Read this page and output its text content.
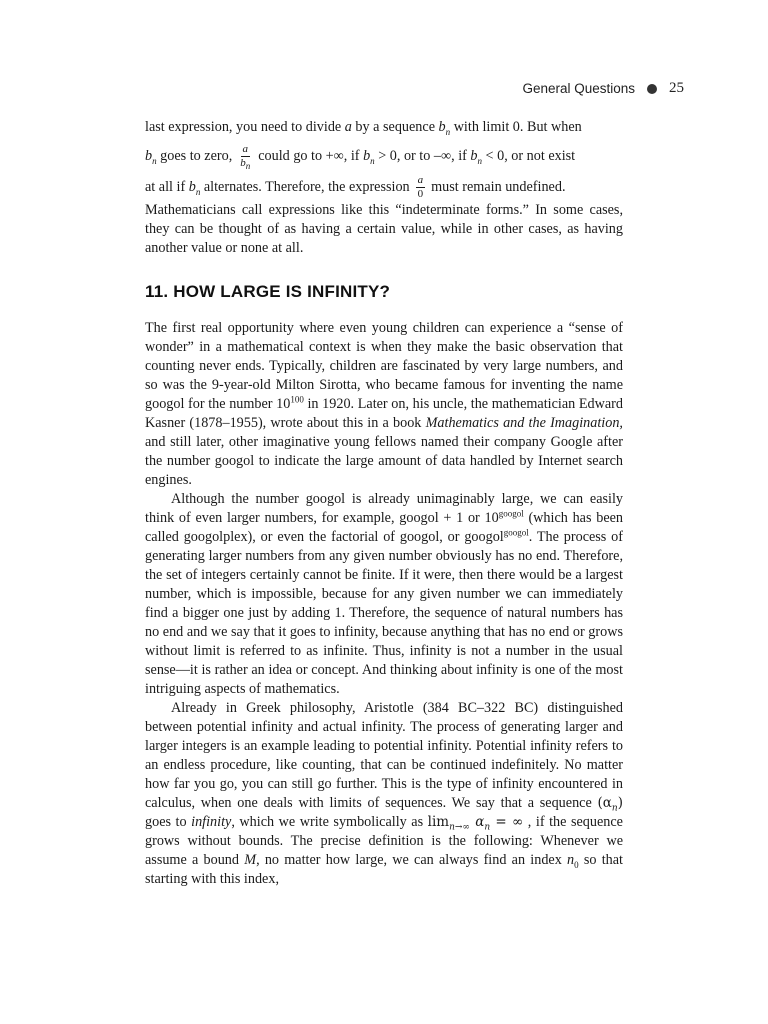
General Questions 25

last expression, you need to divide a by a sequence $b_n$ with limit 0. But when

$b_n$ goes to zero, $\frac{a}{b_n}$ could go to +∞, if $b_n > 0$, or to –∞, if $b_n < 0$, or not exist
at all if $b_n$ alternates. Therefore, the expression $\frac{a}{0}$ must remain undefined.

Mathematicians call expressions like this “indeterminate forms.” In some cases, they can be thought of as having a certain value, while in other cases, as having another value or none at all.

11. HOW LARGE IS INFINITY?

The first real opportunity where even young children can experience a “sense of wonder” in a mathematical context is when they make the basic observation that counting never ends. Typically, children are fascinated by very large numbers, and so was the 9-year-old Milton Sirotta, who became famous for inventing the name googol for the number $10^{100}$ in 1920. Later on, his uncle, the mathematician Edward Kasner (1878–1955), wrote about this in a book Mathematics and the Imagination, and still later, other imaginative young fellows named their company Google after the number googol to indicate the large amount of data handled by Internet search engines.

Although the number googol is already unimaginably large, we can easily think of even larger numbers, for example, googol + 1 or $10^{googol}$ (which has been called googolplex), or even the factorial of googol, or googol$^{googol}$. The process of generating larger numbers from any given number obviously has no end. Therefore, the set of integers certainly cannot be finite. If it were, then there would be a largest number, which is impossible, because for any given number we can immediately find a bigger one just by adding 1. Therefore, the sequence of natural numbers has no end and we say that it goes to infinity, because anything that has no end or grows without limit is referred to as infinite. Thus, infinity is not a number in the usual sense—it is rather an idea or concept. And thinking about infinity is one of the most intriguing aspects of mathematics.

Already in Greek philosophy, Aristotle (384 BC–322 BC) distinguished between potential infinity and actual infinity. The process of generating larger and larger integers is an example leading to potential infinity. Potential infinity refers to an endless procedure, like counting, that can be continued indefinitely. No matter how far you go, you can still go further. This is the type of infinity encountered in calculus, when one deals with limits of sequences. We say that a sequence $(\alpha_n)$ goes to infinity, which we write symbolically as $\lim_{n\to\infty} \alpha_n$ = ∞ , if the sequence grows without bounds. The precise definition is the following: Whenever we assume a bound M, no matter how large, we can always find an index $n_0$ so that starting with this index,
